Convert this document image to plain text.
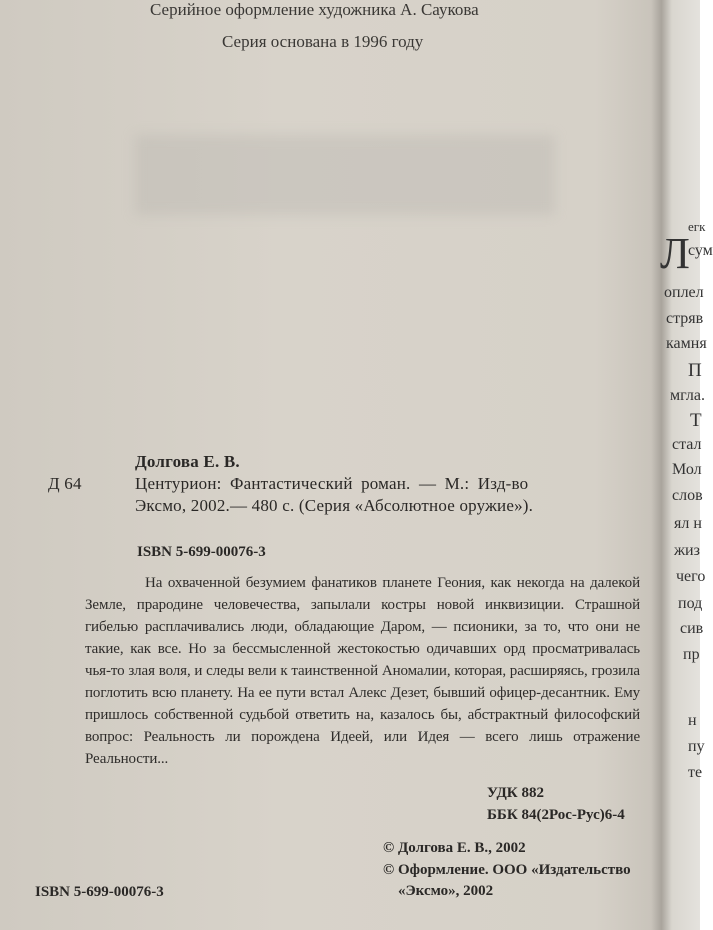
Серийное оформление художника А. Саукова
Серия основана в 1996 году
Долгова Е. В.
Д 64	Центурион: Фантастический роман. — М.: Изд-во
Эксмо, 2002.— 480 с. (Серия «Абсолютное оружие»).
ISBN 5-699-00076-3
На охваченной безумием фанатиков планете Геония, как некогда на далекой Земле, прародине человечества, запылали костры новой инквизиции. Страшной гибелью расплачивались люди, обладающие Даром, — псионики, за то, что они не такие, как все. Но за бессмысленной жестокостью одичавших орд просматривалась чья-то злая воля, и следы вели к таинственной Аномалии, которая, расширяясь, грозила поглотить всю планету. На ее пути встал Алекс Дезет, бывший офицер-десантник. Ему пришлось собственной судьбой ответить на, казалось бы, абстрактный философский вопрос: Реальность ли порождена Идеей, или Идея — всего лишь отражение Реальности...
УДК 882
ББК 84(2Рос-Рус)6-4
ISBN 5-699-00076-3
© Долгова Е. В., 2002
© Оформление. ООО «Издательство
«Эксмо», 2002
Л
егк
сум
оплел
стряв
камня
П
мгла.
Т
стал
Мол
слов
ял н
жиз
чего
под
сив
пр
н
пу
те
